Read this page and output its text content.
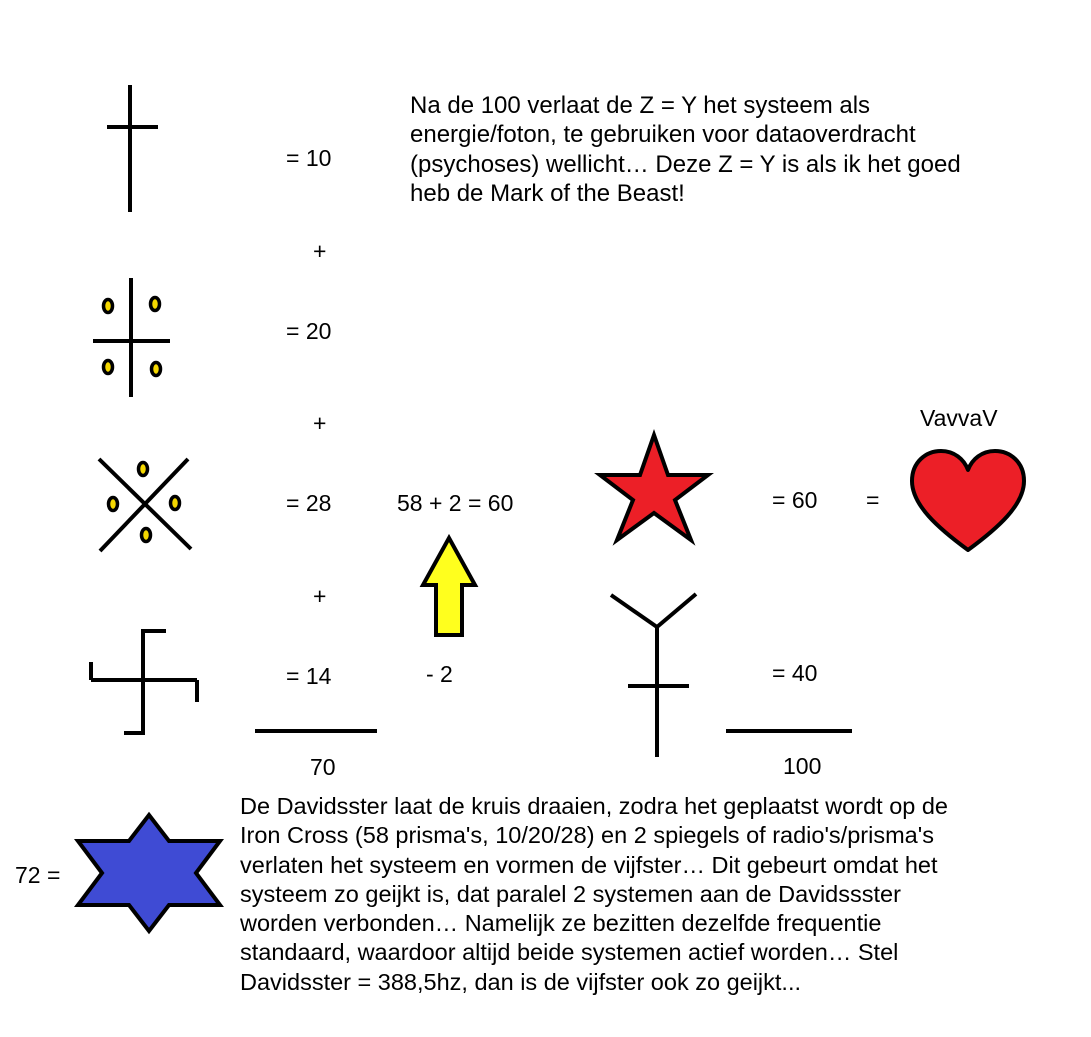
Na de 100 verlaat de Z = Y het systeem als
energie/foton, te gebruiken voor dataoverdracht
(psychoses) wellicht… Deze Z = Y is als ik het goed
heb de Mark of the Beast!
= 10
+
= 20
+
= 28
+
= 14
70
58 + 2 = 60
- 2
VavvaV
= 60 =
= 40
100
72 =
De Davidsster laat de kruis draaien, zodra het geplaatst wordt op de
Iron Cross (58 prisma's, 10/20/28) en 2 spiegels of radio's/prisma's
verlaten het systeem en vormen de vijfster… Dit gebeurt omdat het
systeem zo geijkt is, dat paralel 2 systemen aan de Davidssster
worden verbonden… Namelijk ze bezitten dezelfde frequentie
standaard, waardoor altijd beide systemen actief worden… Stel
Davidsster = 388,5hz, dan is de vijfster ook zo geijkt...
